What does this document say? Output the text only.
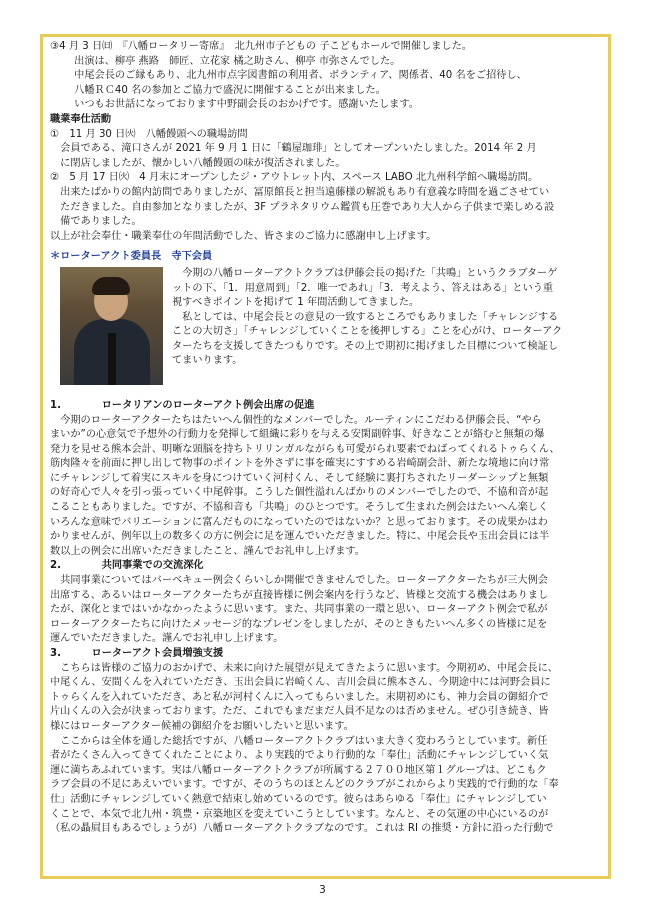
③4 月 3 日㈰　『八幡ロータリー寄席』　北九州市子どもの 子こどもホールで開催しました。

　出演は、柳亭 燕路　師匠、立花家 橘之助さん、柳亭 市弥さんでした。

　中尾会長のご縁もあり、北九州市点字図書館の利用者、ボランティア、関係者、40 名をご招待し、

　八幡ＲＣ40 名の参加とご協力で盛況に開催することが出来ました。

　いつもお世話になっております中野副会長のおかげです。感謝いたします。

職業奉仕活動

①　11 月 30 日㈫　八幡饅頭への職場訪問

　会員である、滝口さんが 2021 年 9 月 1 日に「鶴屋珈琲」としてオープンいたしました。2014 年 2 月

　に閉店しましたが、懐かしい八幡饅頭の味が復活されました。

②　5 月 17 日㈫　4 月末にオープンしたジ・アウトレット内、スペース LABO 北九州科学館へ職場訪問。

　出来たばかりの館内訪問でありましたが、冨原館長と担当遠藤様の解説もあり有意義な時間を過ごさせてい

　ただきました。自由参加となりましたが、3F プラネタリウム鑑賞も圧巻であり大人から子供まで楽しめる設

　備でありました。

以上が社会奉仕・職業奉仕の年間活動でした、皆さまのご協力に感謝申し上げます。

＊ローターアクト委員長　寺下会員

　今期の八幡ローターアクトクラブは伊藤会長の掲げた「共鳴」というクラブターゲ

ットの下、「1．用意周到」「2．唯一であれ」「3．考えよう、答えはある」という重

視すべきポイントを掲げて 1 年間活動してきました。

　私としては、中尾会長との意見の一致するところでもありました「チャレンジする

ことの大切さ」「チャレンジしていくことを後押しする」ことを心がけ、ローターアク

ターたちを支援してきたつもりです。その上で期初に掲げました目標について検証し

てまいります。

1.　　　　ロータリアンのローターアクト例会出席の促進

　今期のローターアクターたちはたいへん個性的なメンバーでした。ルーティンにこだわる伊藤会長、“やら

まいか”の心意気で予想外の行動力を発揮して組織に彩りを与える安閑副幹事、好きなことが絡むと無類の爆

発力を見せる熊本会計、明晰な頭脳を持ちトリリンガルながらも可愛がられ要素でねばってくれるトゥらくん、

筋肉隆々を前面に押し出して物事のポイントを外さずに事を確実にすすめる岩崎副会計、新たな境地に向け常

にチャレンジして着実にスキルを身につけていく河村くん、そして経験に裏打ちされたリーダーシップと無類

の好奇心で人々を引っ張っていく中尾幹事。こうした個性溢れんばかりのメンバーでしたので、不協和音が起

こることもありました。ですが、不協和音も「共鳴」のひとつです。そうして生まれた例会はたいへん楽しく

いろんな意味でバリエーションに富んだものになっていたのではないか？と思っております。その成果かはわ

かりませんが、例年以上の数多くの方に例会に足を運んでいただきました。特に、中尾会長や玉出会員には半

数以上の例会に出席いただきましたこと、謹んでお礼申し上げます。

2.　　　　共同事業での交流深化

　共同事業についてはバーベキュー例会くらいしか開催できませんでした。ローターアクターたちが三大例会

出席する、あるいはローターアクターたちが直接皆様に例会案内を行うなど、皆様と交流する機会はありまし

たが、深化とまではいかなかったように思います。また、共同事業の一環と思い、ローターアクト例会で私が

ローターアクターたちに向けたメッセージ的なプレゼンをしましたが、そのときもたいへん多くの皆様に足を

運んでいただきました。謹んでお礼申し上げます。

3.　　　ローターアクト会員増強支援

　こちらは皆様のご協力のおかげで、未来に向けた展望が見えてきたように思います。今期初め、中尾会長に、

中尾くん、安間くんを入れていただき、玉出会員に岩崎くん、吉川会員に熊本さん、今期途中には河野会員に

トゥらくんを入れていただき、あと私が河村くんに入ってもらいました。末期初めにも、神力会員の御紹介で

片山くんの入会が決まっております。ただ、これでもまだまだ人員不足なのは否めません。ぜひ引き続き、皆

様にはローターアクター候補の御紹介をお願いしたいと思います。

　ここからは全体を通した総括ですが、八幡ローターアクトクラブはいま大きく変わろうとしています。新任

者がたくさん入ってきてくれたことにより、より実践的でより行動的な「奉仕」活動にチャレンジしていく気

運に満ちあふれています。実は八幡ローターアクトクラブが所属する２７００地区第１グループは、どこもク

ラブ会員の不足にあえいでいます。ですが、そのうちのほとんどのクラブがこれからより実践的で行動的な「奉

仕」活動にチャレンジしていく熱意で結束し始めているのです。彼らはあらゆる「奉仕」にチャレンジしてい

くことで、本気で北九州・筑豊・京築地区を変えていこうとしています。なんと、その気運の中心にいるのが

（私の贔屓目もあるでしょうが）八幡ローターアクトクラブなのです。これは RI の推奨・方針に沿った行動で

3
